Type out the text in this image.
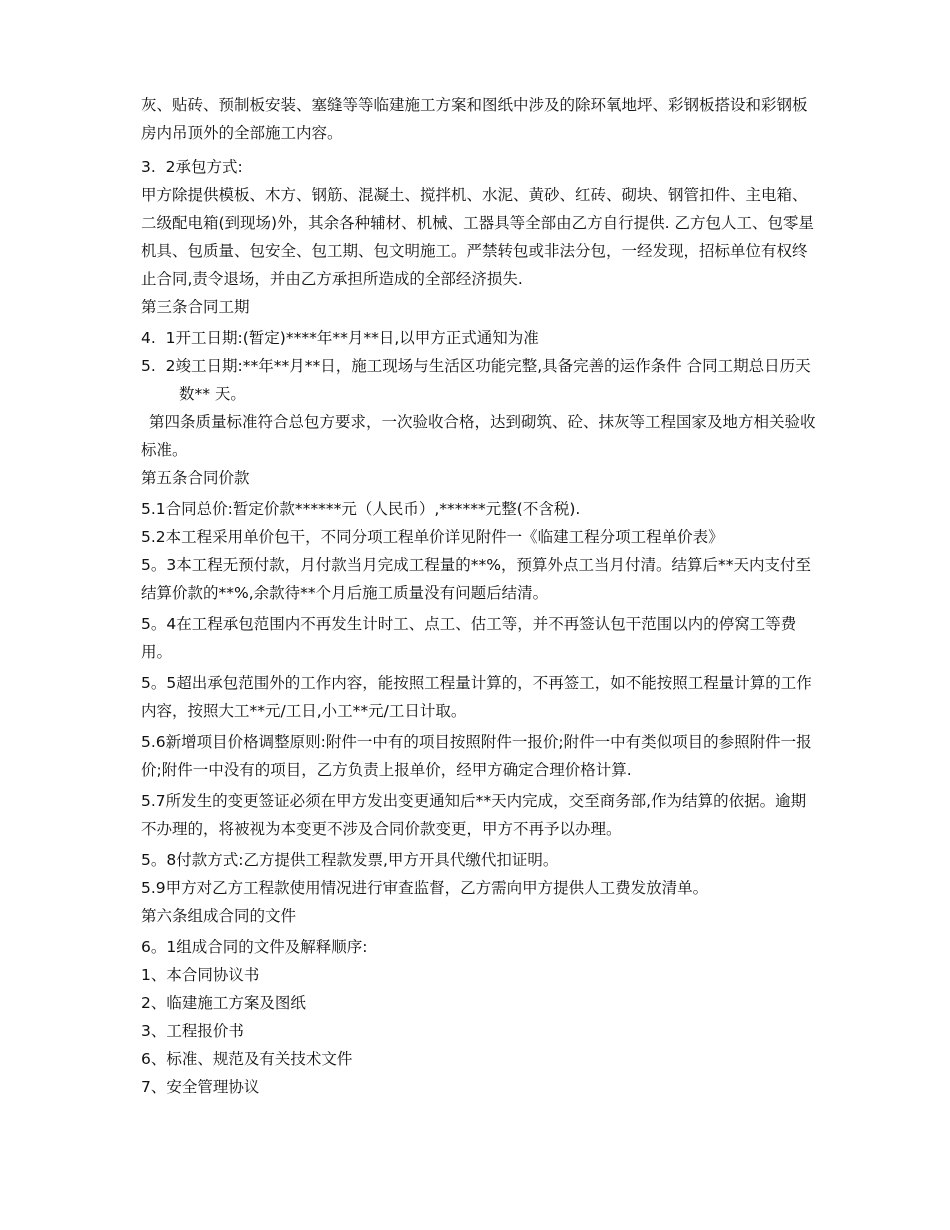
灰、贴砖、预制板安装、塞缝等等临建施工方案和图纸中涉及的除环氧地坪、彩钢板搭设和彩钢板房内吊顶外的全部施工内容。

3.  2承包方式:

甲方除提供模板、木方、钢筋、混凝土、搅拌机、水泥、黄砂、红砖、砌块、钢管扣件、主电箱、二级配电箱(到现场)外，其余各种辅材、机械、工器具等全部由乙方自行提供. 乙方包人工、包零星机具、包质量、包安全、包工期、包文明施工。严禁转包或非法分包，一经发现，招标单位有权终止合同,责令退场，并由乙方承担所造成的全部经济损失.

第三条合同工期

4.  1开工日期:(暂定)****年**月**日,以甲方正式通知为准

5.  2竣工日期:**年**月**日，施工现场与生活区功能完整,具备完善的运作条件 合同工期总日历天数** 天。

第四条质量标准符合总包方要求，一次验收合格，达到砌筑、砼、抹灰等工程国家及地方相关验收标准。

第五条合同价款

5.1合同总价:暂定价款******元（人民币）,******元整(不含税).

5.2本工程采用单价包干，不同分项工程单价详见附件一《临建工程分项工程单价表》

5。3本工程无预付款，月付款当月完成工程量的**%，预算外点工当月付清。结算后**天内支付至结算价款的**%,余款待**个月后施工质量没有问题后结清。

5。4在工程承包范围内不再发生计时工、点工、估工等，并不再签认包干范围以内的停窝工等费用。

5。5超出承包范围外的工作内容，能按照工程量计算的，不再签工，如不能按照工程量计算的工作内容，按照大工**元/工日,小工**元/工日计取。

5.6新增项目价格调整原则:附件一中有的项目按照附件一报价;附件一中有类似项目的参照附件一报价;附件一中没有的项目，乙方负责上报单价，经甲方确定合理价格计算.

5.7所发生的变更签证必须在甲方发出变更通知后**天内完成，交至商务部,作为结算的依据。逾期不办理的，将被视为本变更不涉及合同价款变更，甲方不再予以办理。

5。8付款方式:乙方提供工程款发票,甲方开具代缴代扣证明。

5.9甲方对乙方工程款使用情况进行审查监督，乙方需向甲方提供人工费发放清单。

第六条组成合同的文件

6。1组成合同的文件及解释顺序:

1、本合同协议书

2、临建施工方案及图纸

3、工程报价书

6、标准、规范及有关技术文件

7、安全管理协议
